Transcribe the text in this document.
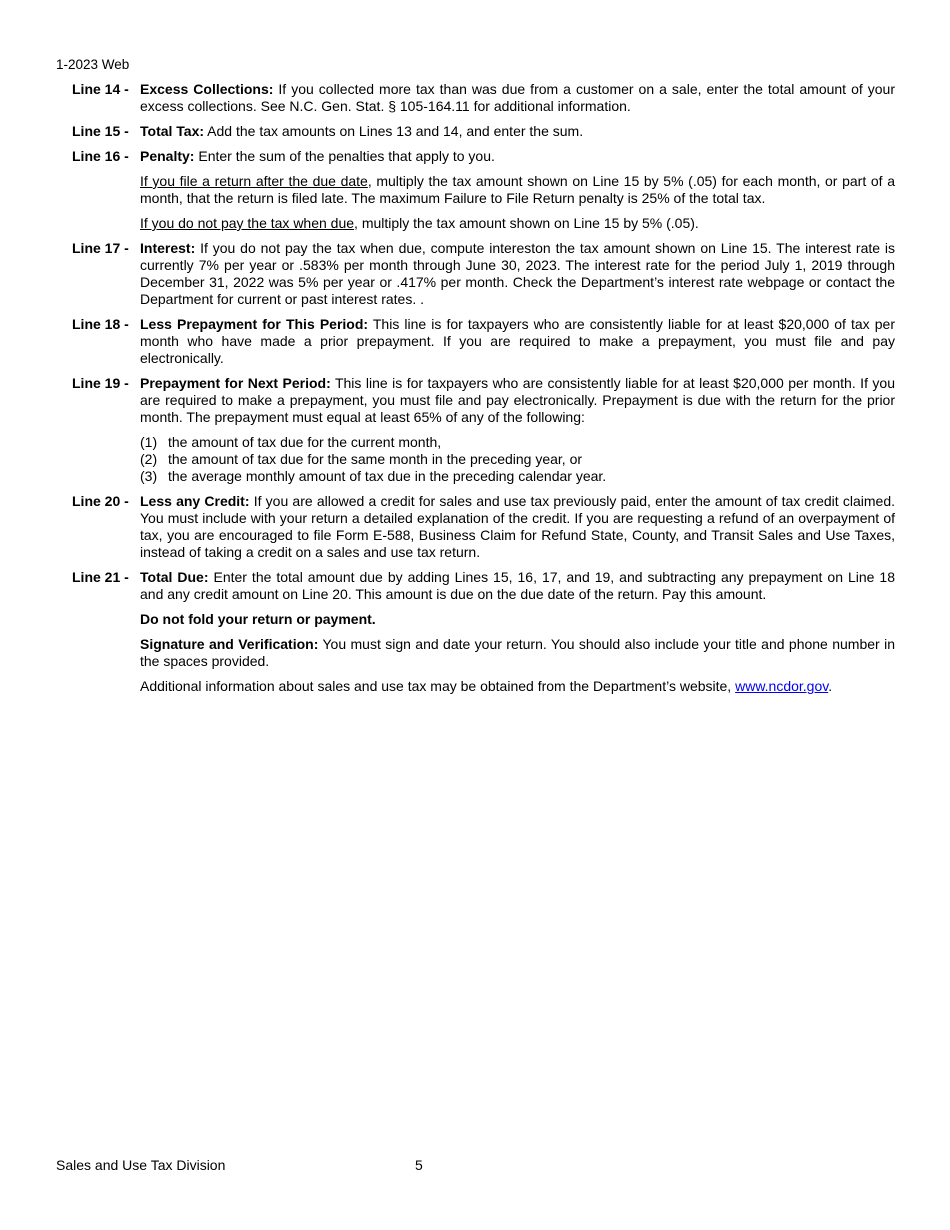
1-2023 Web
Line 14 - Excess Collections: If you collected more tax than was due from a customer on a sale, enter the total amount of your excess collections. See N.C. Gen. Stat. § 105-164.11 for additional information.
Line 15 - Total Tax: Add the tax amounts on Lines 13 and 14, and enter the sum.
Line 16 - Penalty: Enter the sum of the penalties that apply to you.
If you file a return after the due date, multiply the tax amount shown on Line 15 by 5% (.05) for each month, or part of a month, that the return is filed late. The maximum Failure to File Return penalty is 25% of the total tax.
If you do not pay the tax when due, multiply the tax amount shown on Line 15 by 5% (.05).
Line 17 - Interest: If you do not pay the tax when due, compute intereston the tax amount shown on Line 15. The interest rate is currently 7% per year or .583% per month through June 30, 2023. The interest rate for the period July 1, 2019 through December 31, 2022 was 5% per year or .417% per month. Check the Department’s interest rate webpage or contact the Department for current or past interest rates. .
Line 18 - Less Prepayment for This Period: This line is for taxpayers who are consistently liable for at least $20,000 of tax per month who have made a prior prepayment. If you are required to make a prepayment, you must file and pay electronically.
Line 19 - Prepayment for Next Period: This line is for taxpayers who are consistently liable for at least $20,000 per month. If you are required to make a prepayment, you must file and pay electronically. Prepayment is due with the return for the prior month. The prepayment must equal at least 65% of any of the following:
(1) the amount of tax due for the current month,
(2) the amount of tax due for the same month in the preceding year, or
(3) the average monthly amount of tax due in the preceding calendar year.
Line 20 - Less any Credit: If you are allowed a credit for sales and use tax previously paid, enter the amount of tax credit claimed. You must include with your return a detailed explanation of the credit. If you are requesting a refund of an overpayment of tax, you are encouraged to file Form E-588, Business Claim for Refund State, County, and Transit Sales and Use Taxes, instead of taking a credit on a sales and use tax return.
Line 21 - Total Due: Enter the total amount due by adding Lines 15, 16, 17, and 19, and subtracting any prepayment on Line 18 and any credit amount on Line 20. This amount is due on the due date of the return. Pay this amount.
Do not fold your return or payment.
Signature and Verification: You must sign and date your return. You should also include your title and phone number in the spaces provided.
Additional information about sales and use tax may be obtained from the Department’s website, www.ncdor.gov.
Sales and Use Tax Division	5
